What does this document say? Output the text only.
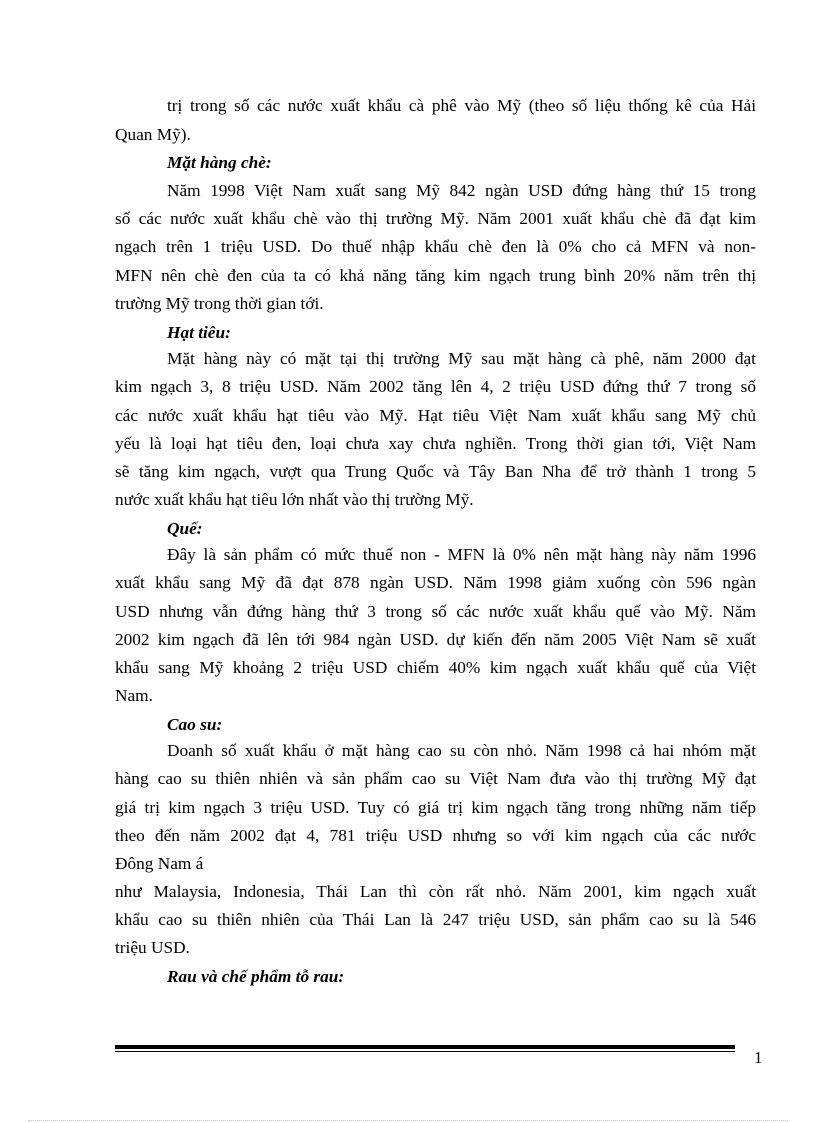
trị trong số các nước xuất khẩu cà phê vào Mỹ (theo số liệu thống kê của Hải
Quan Mỹ).
Mặt hàng chè:
Năm 1998 Việt Nam xuất sang Mỹ 842 ngàn USD đứng hàng thứ 15 trong
số các nước xuất khẩu chè vào thị trường Mỹ. Năm 2001 xuất khẩu chè đã đạt kim
ngạch trên 1 triệu USD. Do thuế nhập khẩu chè đen là 0% cho cả MFN và non-
MFN nên chè đen của ta có khả năng tăng kim ngạch trung bình 20% năm trên thị
trường Mỹ trong thời gian tới.
Hạt tiêu:
Mặt hàng này có mặt tại thị trường Mỹ sau mặt hàng cà phê, năm 2000 đạt
kim ngạch 3, 8 triệu USD. Năm 2002 tăng lên 4, 2 triệu USD đứng thứ 7 trong số
các nước xuất khẩu hạt tiêu vào Mỹ. Hạt tiêu Việt Nam xuất khẩu sang Mỹ chủ
yếu là loại hạt tiêu đen, loại chưa xay chưa nghiền. Trong thời gian tới, Việt Nam
sẽ tăng kim ngạch, vượt qua Trung Quốc và Tây Ban Nha để trở thành 1 trong 5
nước xuất khẩu hạt tiêu lớn nhất vào thị trường Mỹ.
Quế:
Đây là sản phẩm có mức thuế non - MFN là 0% nên mặt hàng này năm 1996
xuất khẩu sang Mỹ đã đạt 878 ngàn USD. Năm 1998 giảm xuống còn 596 ngàn
USD nhưng vẫn đứng hàng thứ 3 trong số các nước xuất khẩu quế vào Mỹ. Năm
2002 kim ngạch đã lên tới 984 ngàn USD. dự kiến đến năm 2005 Việt Nam sẽ xuất
khẩu sang Mỹ khoảng 2 triệu USD chiếm 40% kim ngạch xuất khẩu quế của Việt
Nam.
Cao su:
Doanh số xuất khẩu ở mặt hàng cao su còn nhỏ. Năm 1998 cả hai nhóm mặt
hàng cao su thiên nhiên và sản phẩm cao su Việt Nam đưa vào thị trường Mỹ đạt
giá trị kim ngạch 3 triệu USD. Tuy có giá trị kim ngạch tăng trong những năm tiếp
theo đến năm 2002 đạt 4, 781 triệu USD nhưng so với kim ngạch của các nước
Đông Nam á
như Malaysia, Indonesia, Thái Lan thì còn rất nhỏ. Năm 2001, kim ngạch xuất
khẩu cao su thiên nhiên của Thái Lan là 247 triệu USD, sản phẩm cao su là 546
triệu USD.
Rau và chế phẩm tỗ rau:
1
